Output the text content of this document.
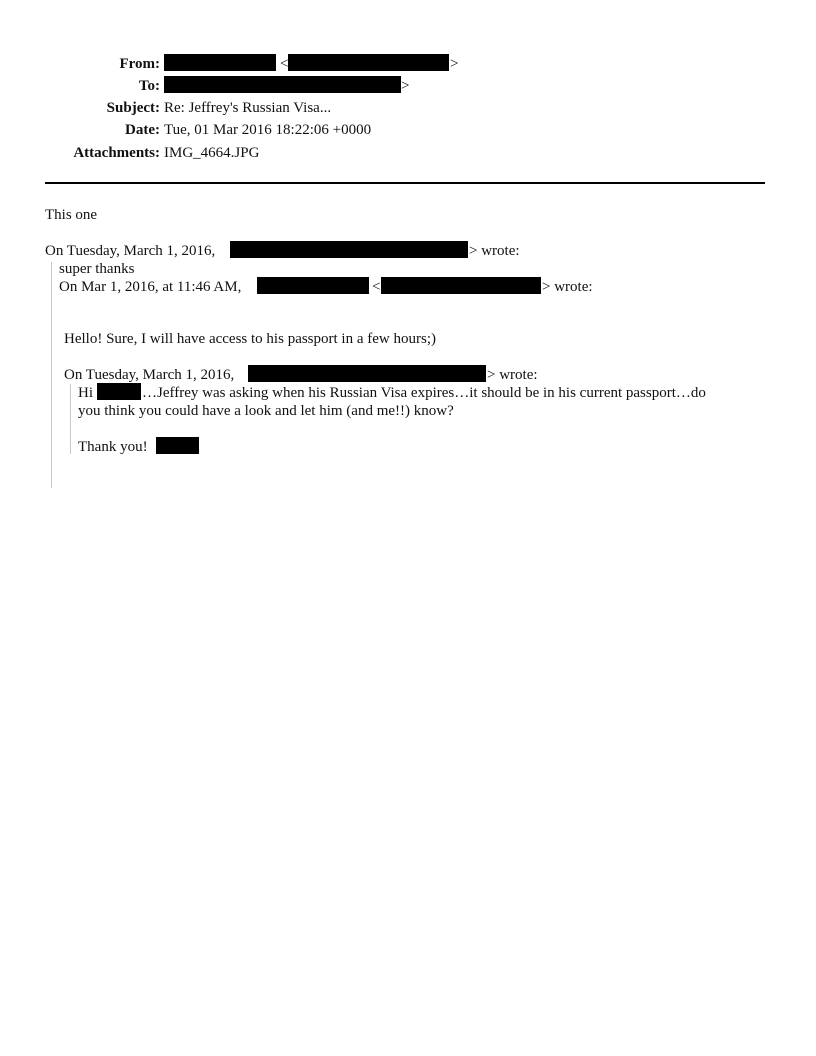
From:	<	>
To:	>
Subject: Re: Jeffrey's Russian Visa...
Date: Tue, 01 Mar 2016 18:22:06 +0000
Attachments: IMG_4664.JPG
This one
On Tuesday, March 1, 2016,	> wrote:
super thanks
On Mar 1, 2016, at 11:46 AM,	<	> wrote:
Hello! Sure, I will have access to his passport in a few hours;)
On Tuesday, March 1, 2016,	> wrote:
Hi	…Jeffrey was asking when his Russian Visa expires…it should be in his current passport…do
you think you could have a look and let him (and me!!) know?
Thank you!
